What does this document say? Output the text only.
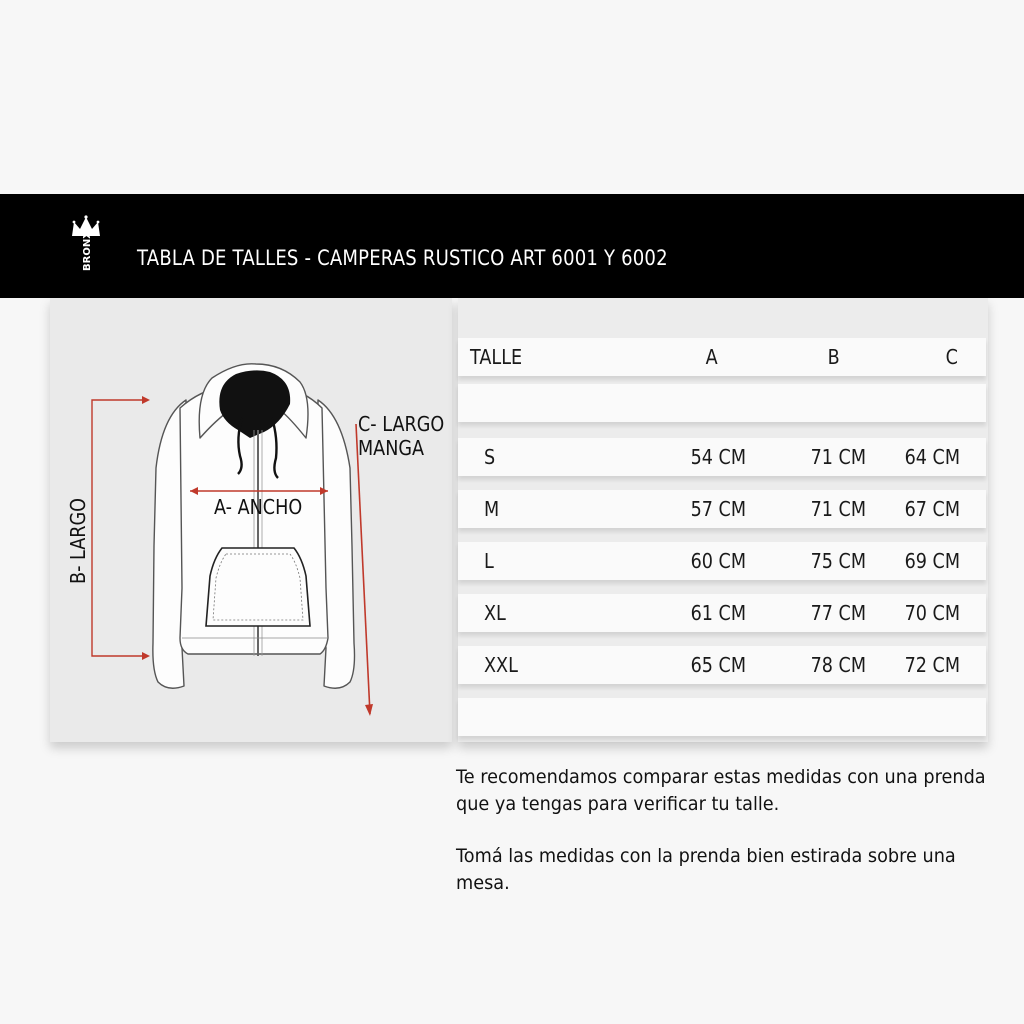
BRONX TABLA DE TALLES - CAMPERAS RUSTICO ART 6001 Y 6002
A- ANCHO
B- LARGO
C- LARGO
MANGA
TALLE	A	B	C
S	54 CM	71 CM 64 CM
M	57 CM	71 CM 67 CM
L	60 CM	75 CM 69 CM
XL	61 CM	77 CM 70 CM
XXL	65 CM	78 CM 72 CM

Te recomendamos comparar estas medidas con una prenda que ya tengas para verificar tu talle.

Tomá las medidas con la prenda bien estirada sobre una mesa.
